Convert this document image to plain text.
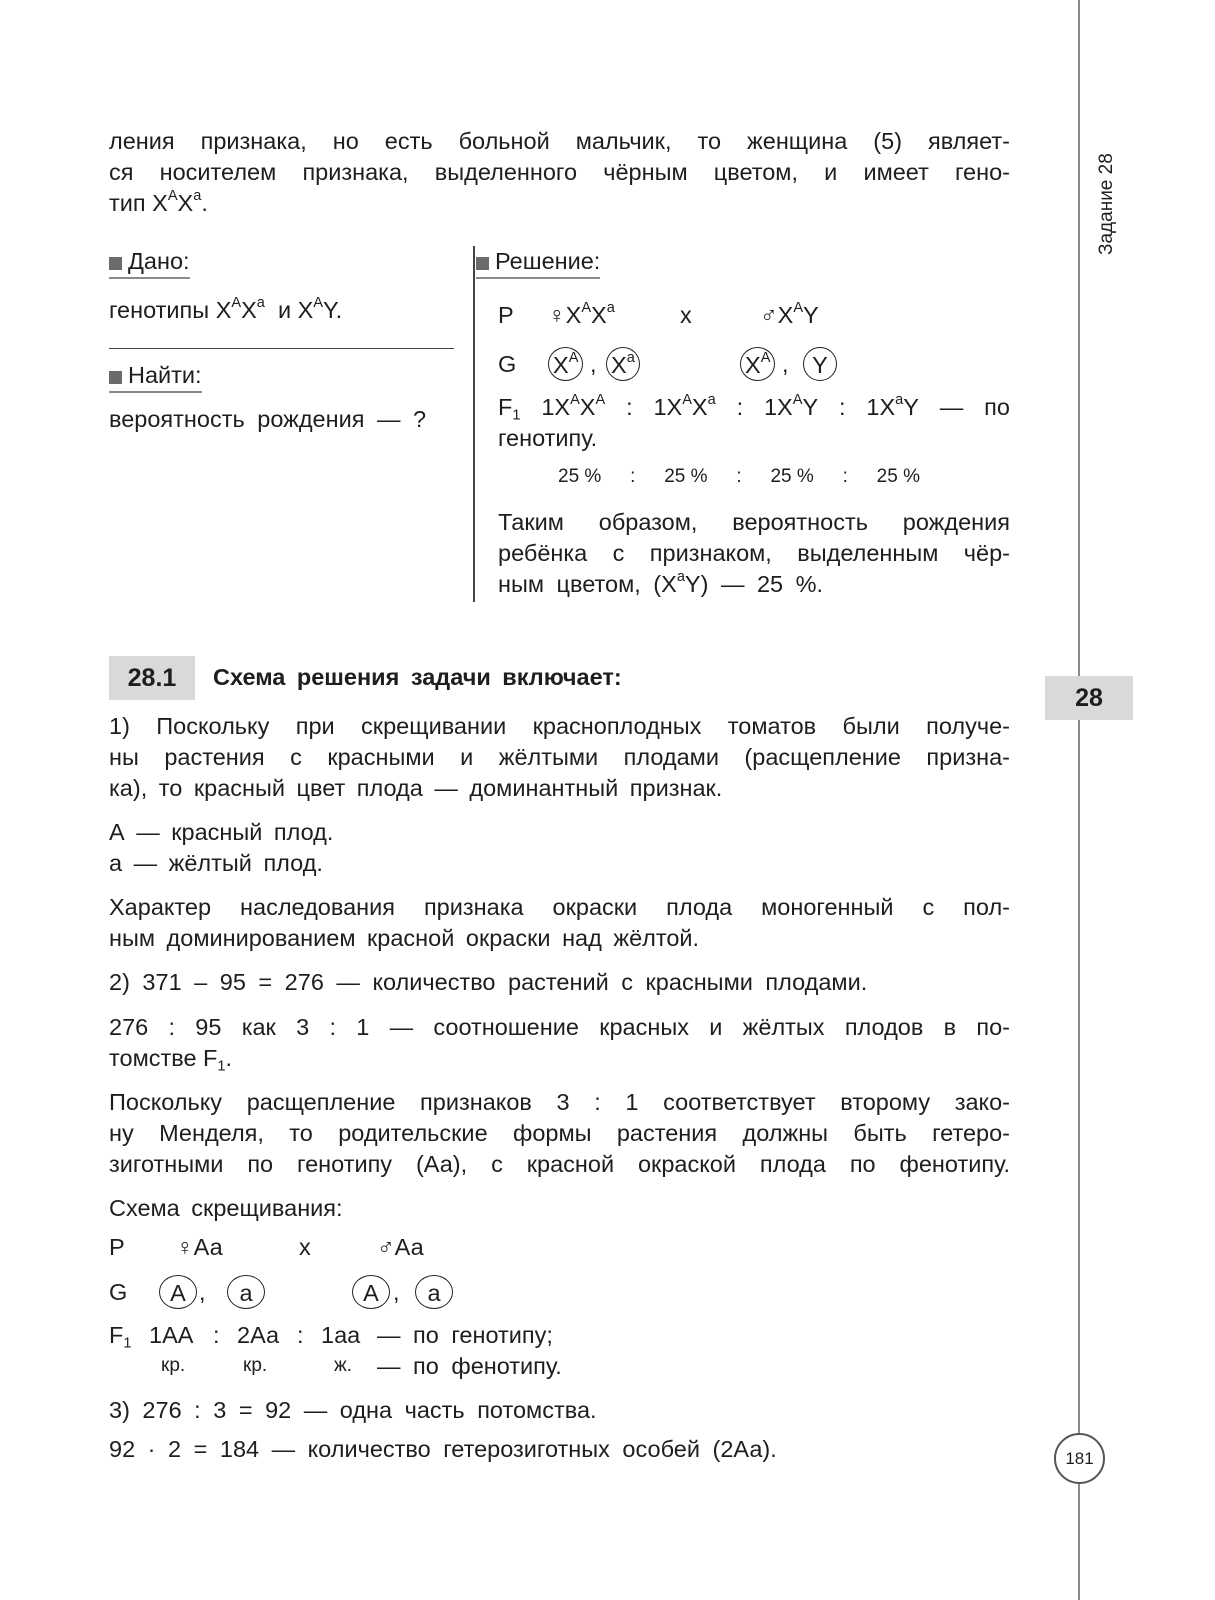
Задание 28
28
181
ления признака, но есть больной мальчик, то женщина (5) являет-
ся носителем признака, выделенного чёрным цветом, и имеет гено-
тип $X^AX^a$.
Дано:
генотипы $X^AX^a$ и $X^AY$.
Найти:
вероятность рождения — ?
Решение:
P $♀X^AX^a$	x	$♂X^AY$
G $X^A$ , $X^a$	$X^A$ ,	Y
$F_1$ $1X^AX^A$ : $1X^AX^a$ : $1X^AY$ : $1X^aY$ — по
генотипу.
25 % : 25 % : 25 % : 25 %
Таким образом, вероятность рождения
ребёнка с признаком, выделенным чёр-
ным цветом, $(X^aY)$ — 25 %.
28.1	Схема решения задачи включает:
1) Поскольку при скрещивании красноплодных томатов были получе-
ны растения с красными и жёлтыми плодами (расщепление призна-
ка), то красный цвет плода — доминантный признак.
А — красный плод.
а — жёлтый плод.
Характер наследования признака окраски плода моногенный с пол-
ным доминированием красной окраски над жёлтой.
2) 371 – 95 = 276 — количество растений с красными плодами.
276 : 95 как 3 : 1 — соотношение красных и жёлтых плодов в по-
томстве $F_1$.
Поскольку расщепление признаков 3 : 1 соответствует второму зако-
ну Менделя, то родительские формы растения должны быть гетеро-
зиготными по генотипу (Аа), с красной окраской плода по фенотипу.
Схема скрещивания:
P ♀Аа	x	♂Аа
G	А ,	а	А ,	а
$F_1$ 1АА : 2Аа : 1аа — по генотипу;
кр.	кр.	ж. — по фенотипу.
3) 276 : 3 = 92 — одна часть потомства.
92 · 2 = 184 — количество гетерозиготных особей (2Аа).
